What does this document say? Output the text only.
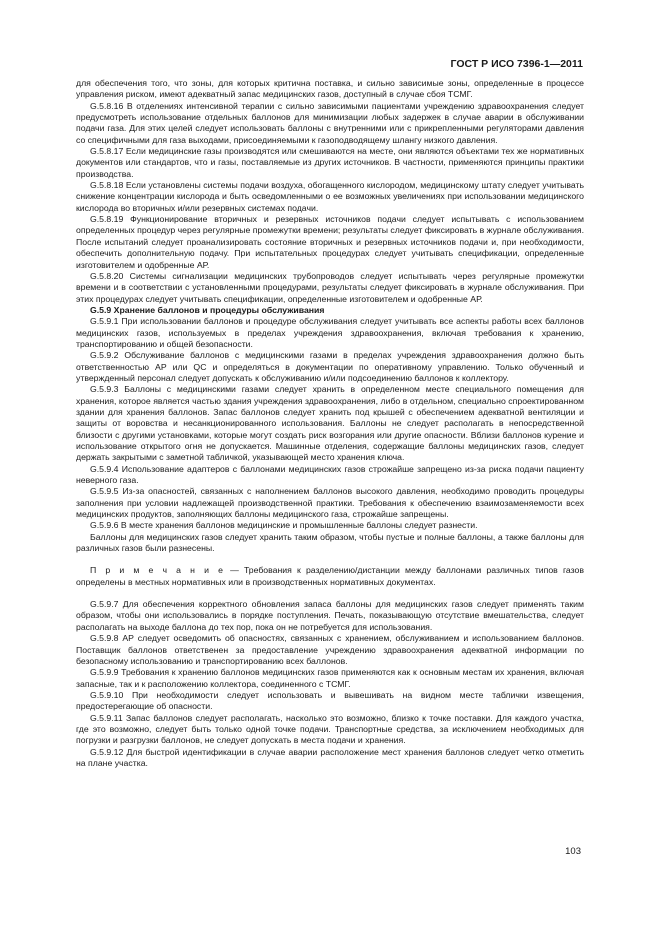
ГОСТ Р ИСО 7396-1—2011

для обеспечения того, что зоны, для которых критична поставка, и сильно зависимые зоны, определенные в процессе управления риском, имеют адекватный запас медицинских газов, доступный в случае сбоя ТСМГ.

G.5.8.16 В отделениях интенсивной терапии с сильно зависимыми пациентами учреждению здравоохранения следует предусмотреть использование отдельных баллонов для минимизации любых задержек в случае аварии в обслуживании подачи газа. Для этих целей следует использовать баллоны с внутренними или с прикрепленными регуляторами давления со специфичными для газа выходами, присоединяемыми к газоподводящему шлангу низкого давления.

G.5.8.17 Если медицинские газы производятся или смешиваются на месте, они являются объектами тех же нормативных документов или стандартов, что и газы, поставляемые из других источников. В частности, применяются принципы практики производства.

G.5.8.18 Если установлены системы подачи воздуха, обогащенного кислородом, медицинскому штату следует учитывать снижение концентрации кислорода и быть осведомленными о ее возможных увеличениях при использовании медицинского кислорода во вторичных и/или резервных системах подачи.

G.5.8.19 Функционирование вторичных и резервных источников подачи следует испытывать с использованием определенных процедур через регулярные промежутки времени; результаты следует фиксировать в журнале обслуживания. После испытаний следует проанализировать состояние вторичных и резервных источников подачи и, при необходимости, обеспечить дополнительную подачу. При испытательных процедурах следует учитывать спецификации, определенные изготовителем и одобренные АР.

G.5.8.20 Системы сигнализации медицинских трубопроводов следует испытывать через регулярные промежутки времени и в соответствии с установленными процедурами, результаты следует фиксировать в журнале обслуживания. При этих процедурах следует учитывать спецификации, определенные изготовителем и одобренные АР.

G.5.9 Хранение баллонов и процедуры обслуживания

G.5.9.1 При использовании баллонов и процедуре обслуживания следует учитывать все аспекты работы всех баллонов медицинских газов, используемых в пределах учреждения здравоохранения, включая требования к хранению, транспортированию и общей безопасности.

G.5.9.2 Обслуживание баллонов с медицинскими газами в пределах учреждения здравоохранения должно быть ответственностью АР или QC и определяться в документации по оперативному управлению. Только обученный и утвержденный персонал следует допускать к обслуживанию и/или подсоединению баллонов к коллектору.

G.5.9.3 Баллоны с медицинскими газами следует хранить в определенном месте специального помещения для хранения, которое является частью здания учреждения здравоохранения, либо в отдельном, специально спроектированном здании для хранения баллонов. Запас баллонов следует хранить под крышей с обеспечением адекватной вентиляции и защиты от воровства и несанкционированного использования. Баллоны не следует располагать в непосредственной близости с другими установками, которые могут создать риск возгорания или другие опасности. Вблизи баллонов курение и использование открытого огня не допускается. Машинные отделения, содержащие баллоны медицинских газов, следует держать закрытыми с заметной табличкой, указывающей место хранения ключа.

G.5.9.4 Использование адаптеров с баллонами медицинских газов строжайше запрещено из-за риска подачи пациенту неверного газа.

G.5.9.5 Из-за опасностей, связанных с наполнением баллонов высокого давления, необходимо проводить процедуры заполнения при условии надлежащей производственной практики. Требования к обеспечению взаимозаменяемости всех медицинских продуктов, заполняющих баллоны медицинского газа, строжайше запрещены.

G.5.9.6 В месте хранения баллонов медицинские и промышленные баллоны следует разнести.

Баллоны для медицинских газов следует хранить таким образом, чтобы пустые и полные баллоны, а также баллоны для различных газов были разнесены.

П р и м е ч а н и е — Требования к разделению/дистанции между баллонами различных типов газов определены в местных нормативных или в производственных нормативных документах.

G.5.9.7 Для обеспечения корректного обновления запаса баллоны для медицинских газов следует применять таким образом, чтобы они использовались в порядке поступления. Печать, показывающую отсутствие вмешательства, следует располагать на выходе баллона до тех пор, пока он не потребуется для использования.

G.5.9.8 АР следует осведомить об опасностях, связанных с хранением, обслуживанием и использованием баллонов. Поставщик баллонов ответственен за предоставление учреждению здравоохранения адекватной информации по безопасному использованию и транспортированию всех баллонов.

G.5.9.9 Требования к хранению баллонов медицинских газов применяются как к основным местам их хранения, включая запасные, так и к расположению коллектора, соединенного с ТСМГ.

G.5.9.10 При необходимости следует использовать и вывешивать на видном месте таблички извещения, предостерегающие об опасности.

G.5.9.11 Запас баллонов следует располагать, насколько это возможно, близко к точке поставки. Для каждого участка, где это возможно, следует быть только одной точке подачи. Транспортные средства, за исключением необходимых для погрузки и разгрузки баллонов, не следует допускать в места подачи и хранения.

G.5.9.12 Для быстрой идентификации в случае аварии расположение мест хранения баллонов следует четко отметить на плане участка.

103
